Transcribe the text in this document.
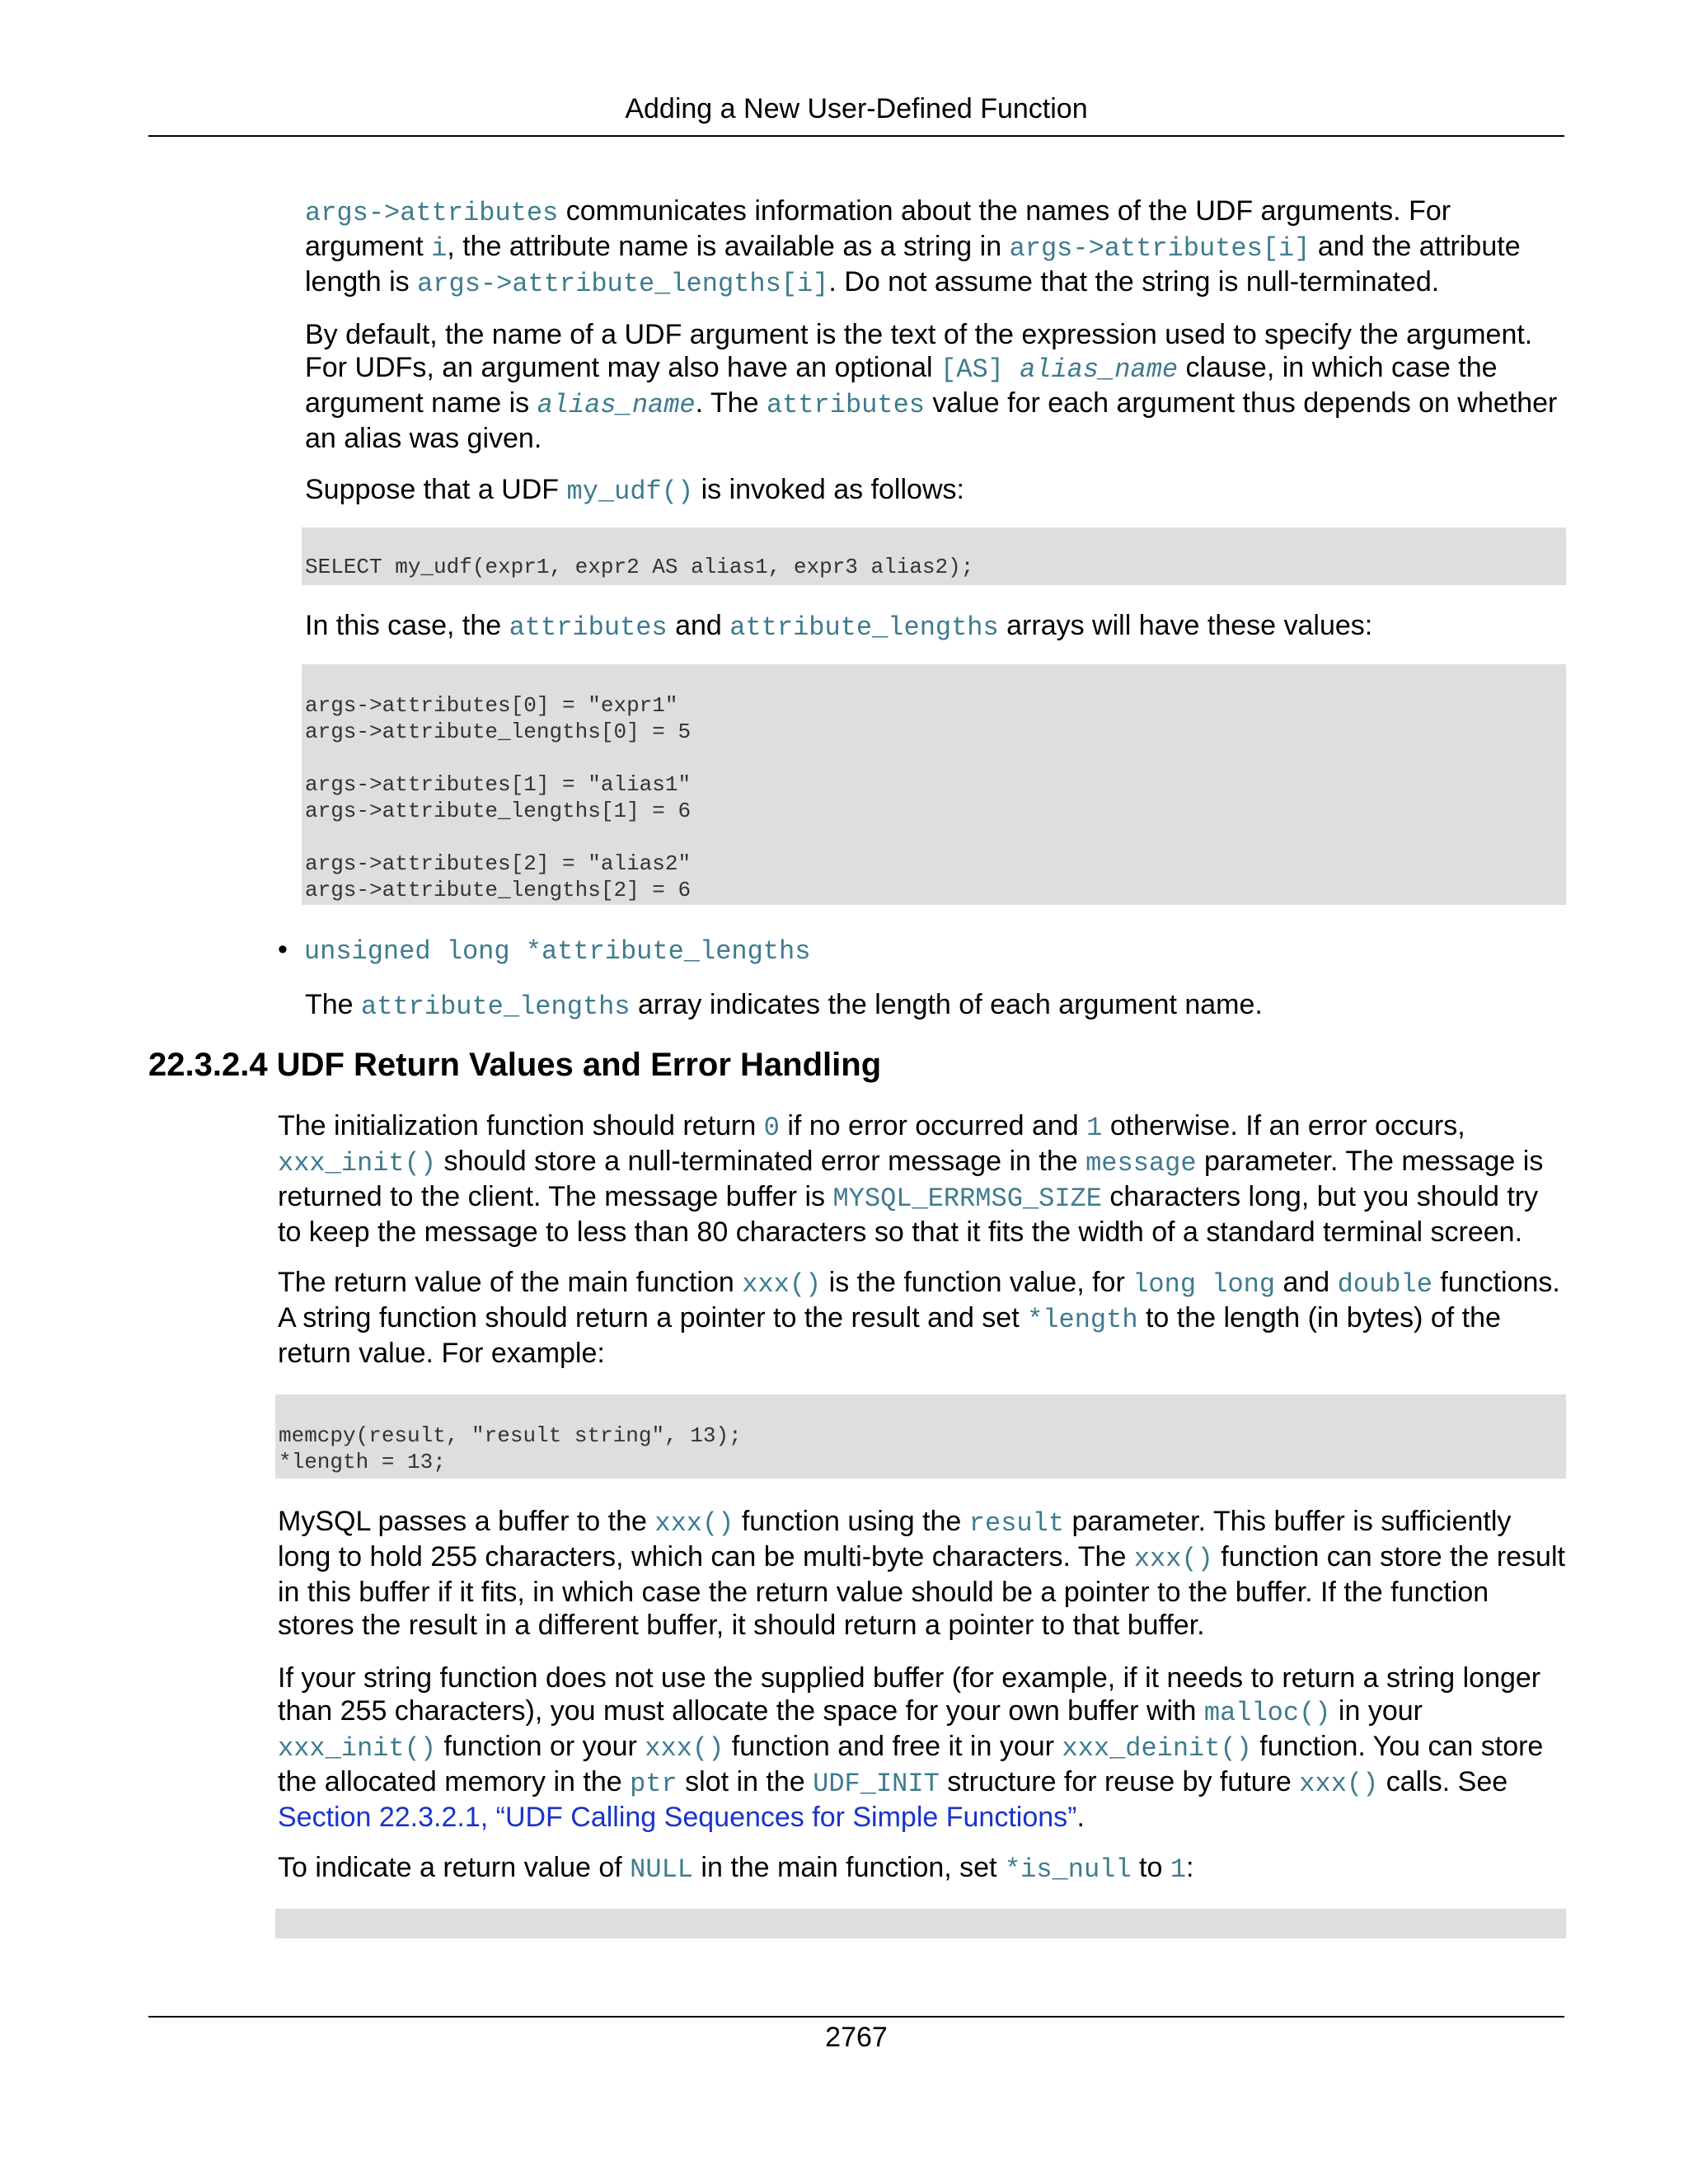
Adding a New User-Defined Function

args->attributes communicates information about the names of the UDF arguments. For argument i, the attribute name is available as a string in args->attributes[i] and the attribute length is args->attribute_lengths[i]. Do not assume that the string is null-terminated.

By default, the name of a UDF argument is the text of the expression used to specify the argument. For UDFs, an argument may also have an optional [AS] alias_name clause, in which case the argument name is alias_name. The attributes value for each argument thus depends on whether an alias was given.

Suppose that a UDF my_udf() is invoked as follows:

SELECT my_udf(expr1, expr2 AS alias1, expr3 alias2);

In this case, the attributes and attribute_lengths arrays will have these values:

args->attributes[0] = "expr1"
args->attribute_lengths[0] = 5

args->attributes[1] = "alias1"
args->attribute_lengths[1] = 6

args->attributes[2] = "alias2"
args->attribute_lengths[2] = 6
• unsigned long *attribute_lengths

The attribute_lengths array indicates the length of each argument name.

22.3.2.4 UDF Return Values and Error Handling

The initialization function should return 0 if no error occurred and 1 otherwise. If an error occurs, xxx_init() should store a null-terminated error message in the message parameter. The message is returned to the client. The message buffer is MYSQL_ERRMSG_SIZE characters long, but you should try to keep the message to less than 80 characters so that it fits the width of a standard terminal screen.

The return value of the main function xxx() is the function value, for long long and double functions. A string function should return a pointer to the result and set *length to the length (in bytes) of the return value. For example:

memcpy(result, "result string", 13);
*length = 13;

MySQL passes a buffer to the xxx() function using the result parameter. This buffer is sufficiently long to hold 255 characters, which can be multi-byte characters. The xxx() function can store the result in this buffer if it fits, in which case the return value should be a pointer to the buffer. If the function stores the result in a different buffer, it should return a pointer to that buffer.

If your string function does not use the supplied buffer (for example, if it needs to return a string longer than 255 characters), you must allocate the space for your own buffer with malloc() in your xxx_init() function or your xxx() function and free it in your xxx_deinit() function. You can store the allocated memory in the ptr slot in the UDF_INIT structure for reuse by future xxx() calls. See Section 22.3.2.1, “UDF Calling Sequences for Simple Functions”.

To indicate a return value of NULL in the main function, set *is_null to 1:

2767
